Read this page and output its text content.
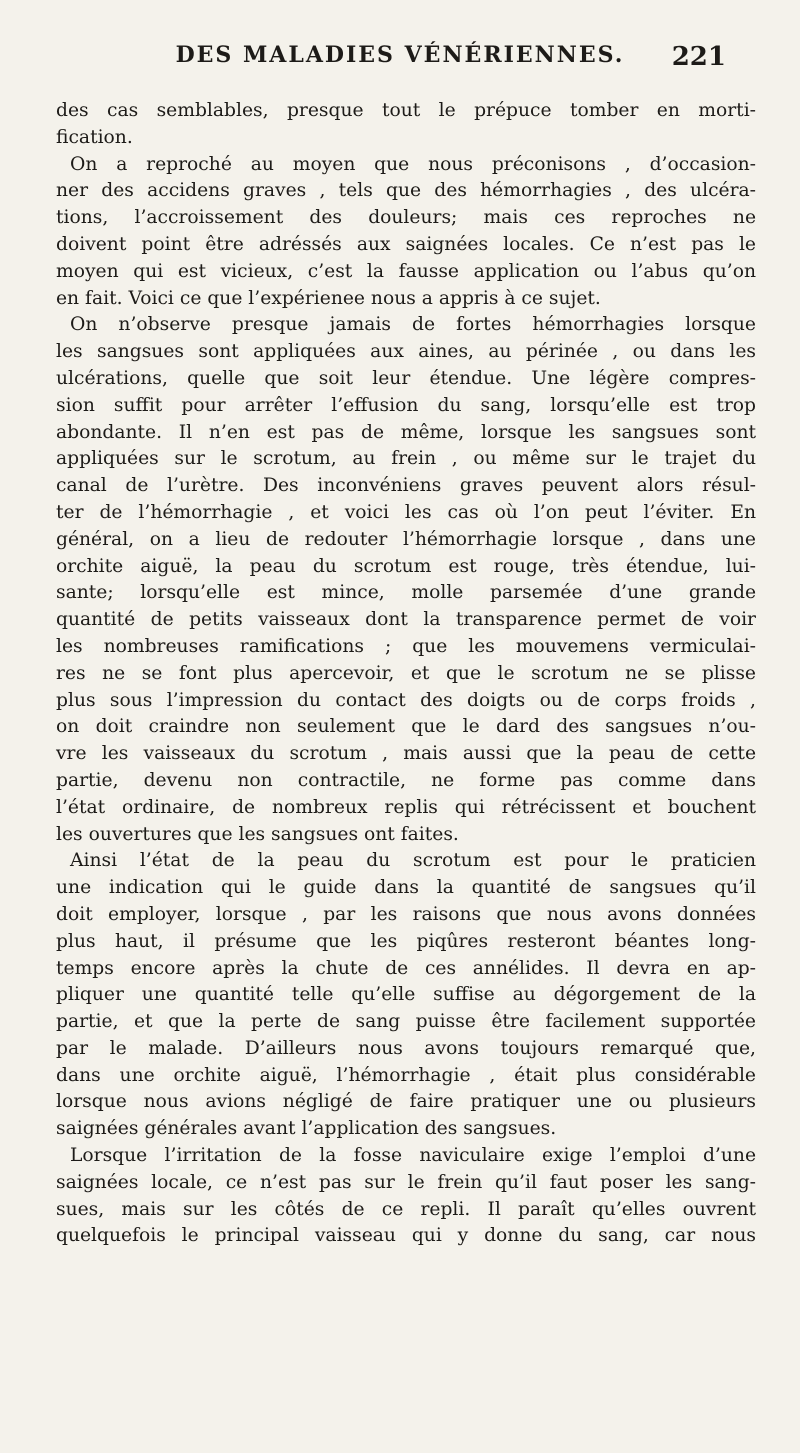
DES MALADIES VÉNÉRIENNES.	221
des cas semblables, presque tout le prépuce tomber en morti-
fication.
On a reproché au moyen que nous préconisons , d’occasion-
ner des accidens graves , tels que des hémorrhagies , des ulcéra-
tions, l’accroissement des douleurs; mais ces reproches ne
doivent point être adréssés aux saignées locales. Ce n’est pas le
moyen qui est vicieux, c’est la fausse application ou l’abus qu’on
en fait. Voici ce que l’expérienee nous a appris à ce sujet.
On n’observe presque jamais de fortes hémorrhagies lorsque
les sangsues sont appliquées aux aines, au périnée , ou dans les
ulcérations, quelle que soit leur étendue. Une légère compres-
sion suffit pour arrêter l’effusion du sang, lorsqu’elle est trop
abondante. Il n’en est pas de même, lorsque les sangsues sont
appliquées sur le scrotum, au frein , ou même sur le trajet du
canal de l’urètre. Des inconvéniens graves peuvent alors résul-
ter de l’hémorrhagie , et voici les cas où l’on peut l’éviter. En
général, on a lieu de redouter l’hémorrhagie lorsque , dans une
orchite aiguë, la peau du scrotum est rouge, très étendue, lui-
sante; lorsqu’elle est mince, molle parsemée d’une grande
quantité de petits vaisseaux dont la transparence permet de voir
les nombreuses ramifications ; que les mouvemens vermiculai-
res ne se font plus apercevoir, et que le scrotum ne se plisse
plus sous l’impression du contact des doigts ou de corps froids ,
on doit craindre non seulement que le dard des sangsues n’ou-
vre les vaisseaux du scrotum , mais aussi que la peau de cette
partie, devenu non contractile, ne forme pas comme dans
l’état ordinaire, de nombreux replis qui rétrécissent et bouchent
les ouvertures que les sangsues ont faites.
Ainsi l’état de la peau du scrotum est pour le praticien
une indication qui le guide dans la quantité de sangsues qu’il
doit employer, lorsque , par les raisons que nous avons données
plus haut, il présume que les piqûres resteront béantes long-
temps encore après la chute de ces annélides. Il devra en ap-
pliquer une quantité telle qu’elle suffise au dégorgement de la
partie, et que la perte de sang puisse être facilement supportée
par le malade. D’ailleurs nous avons toujours remarqué que,
dans une orchite aiguë, l’hémorrhagie , était plus considérable
lorsque nous avions négligé de faire pratiquer une ou plusieurs
saignées générales avant l’application des sangsues.
Lorsque l’irritation de la fosse naviculaire exige l’emploi d’une
saignées locale, ce n’est pas sur le frein qu’il faut poser les sang-
sues, mais sur les côtés de ce repli. Il paraît qu’elles ouvrent
quelquefois le principal vaisseau qui y donne du sang, car nous
